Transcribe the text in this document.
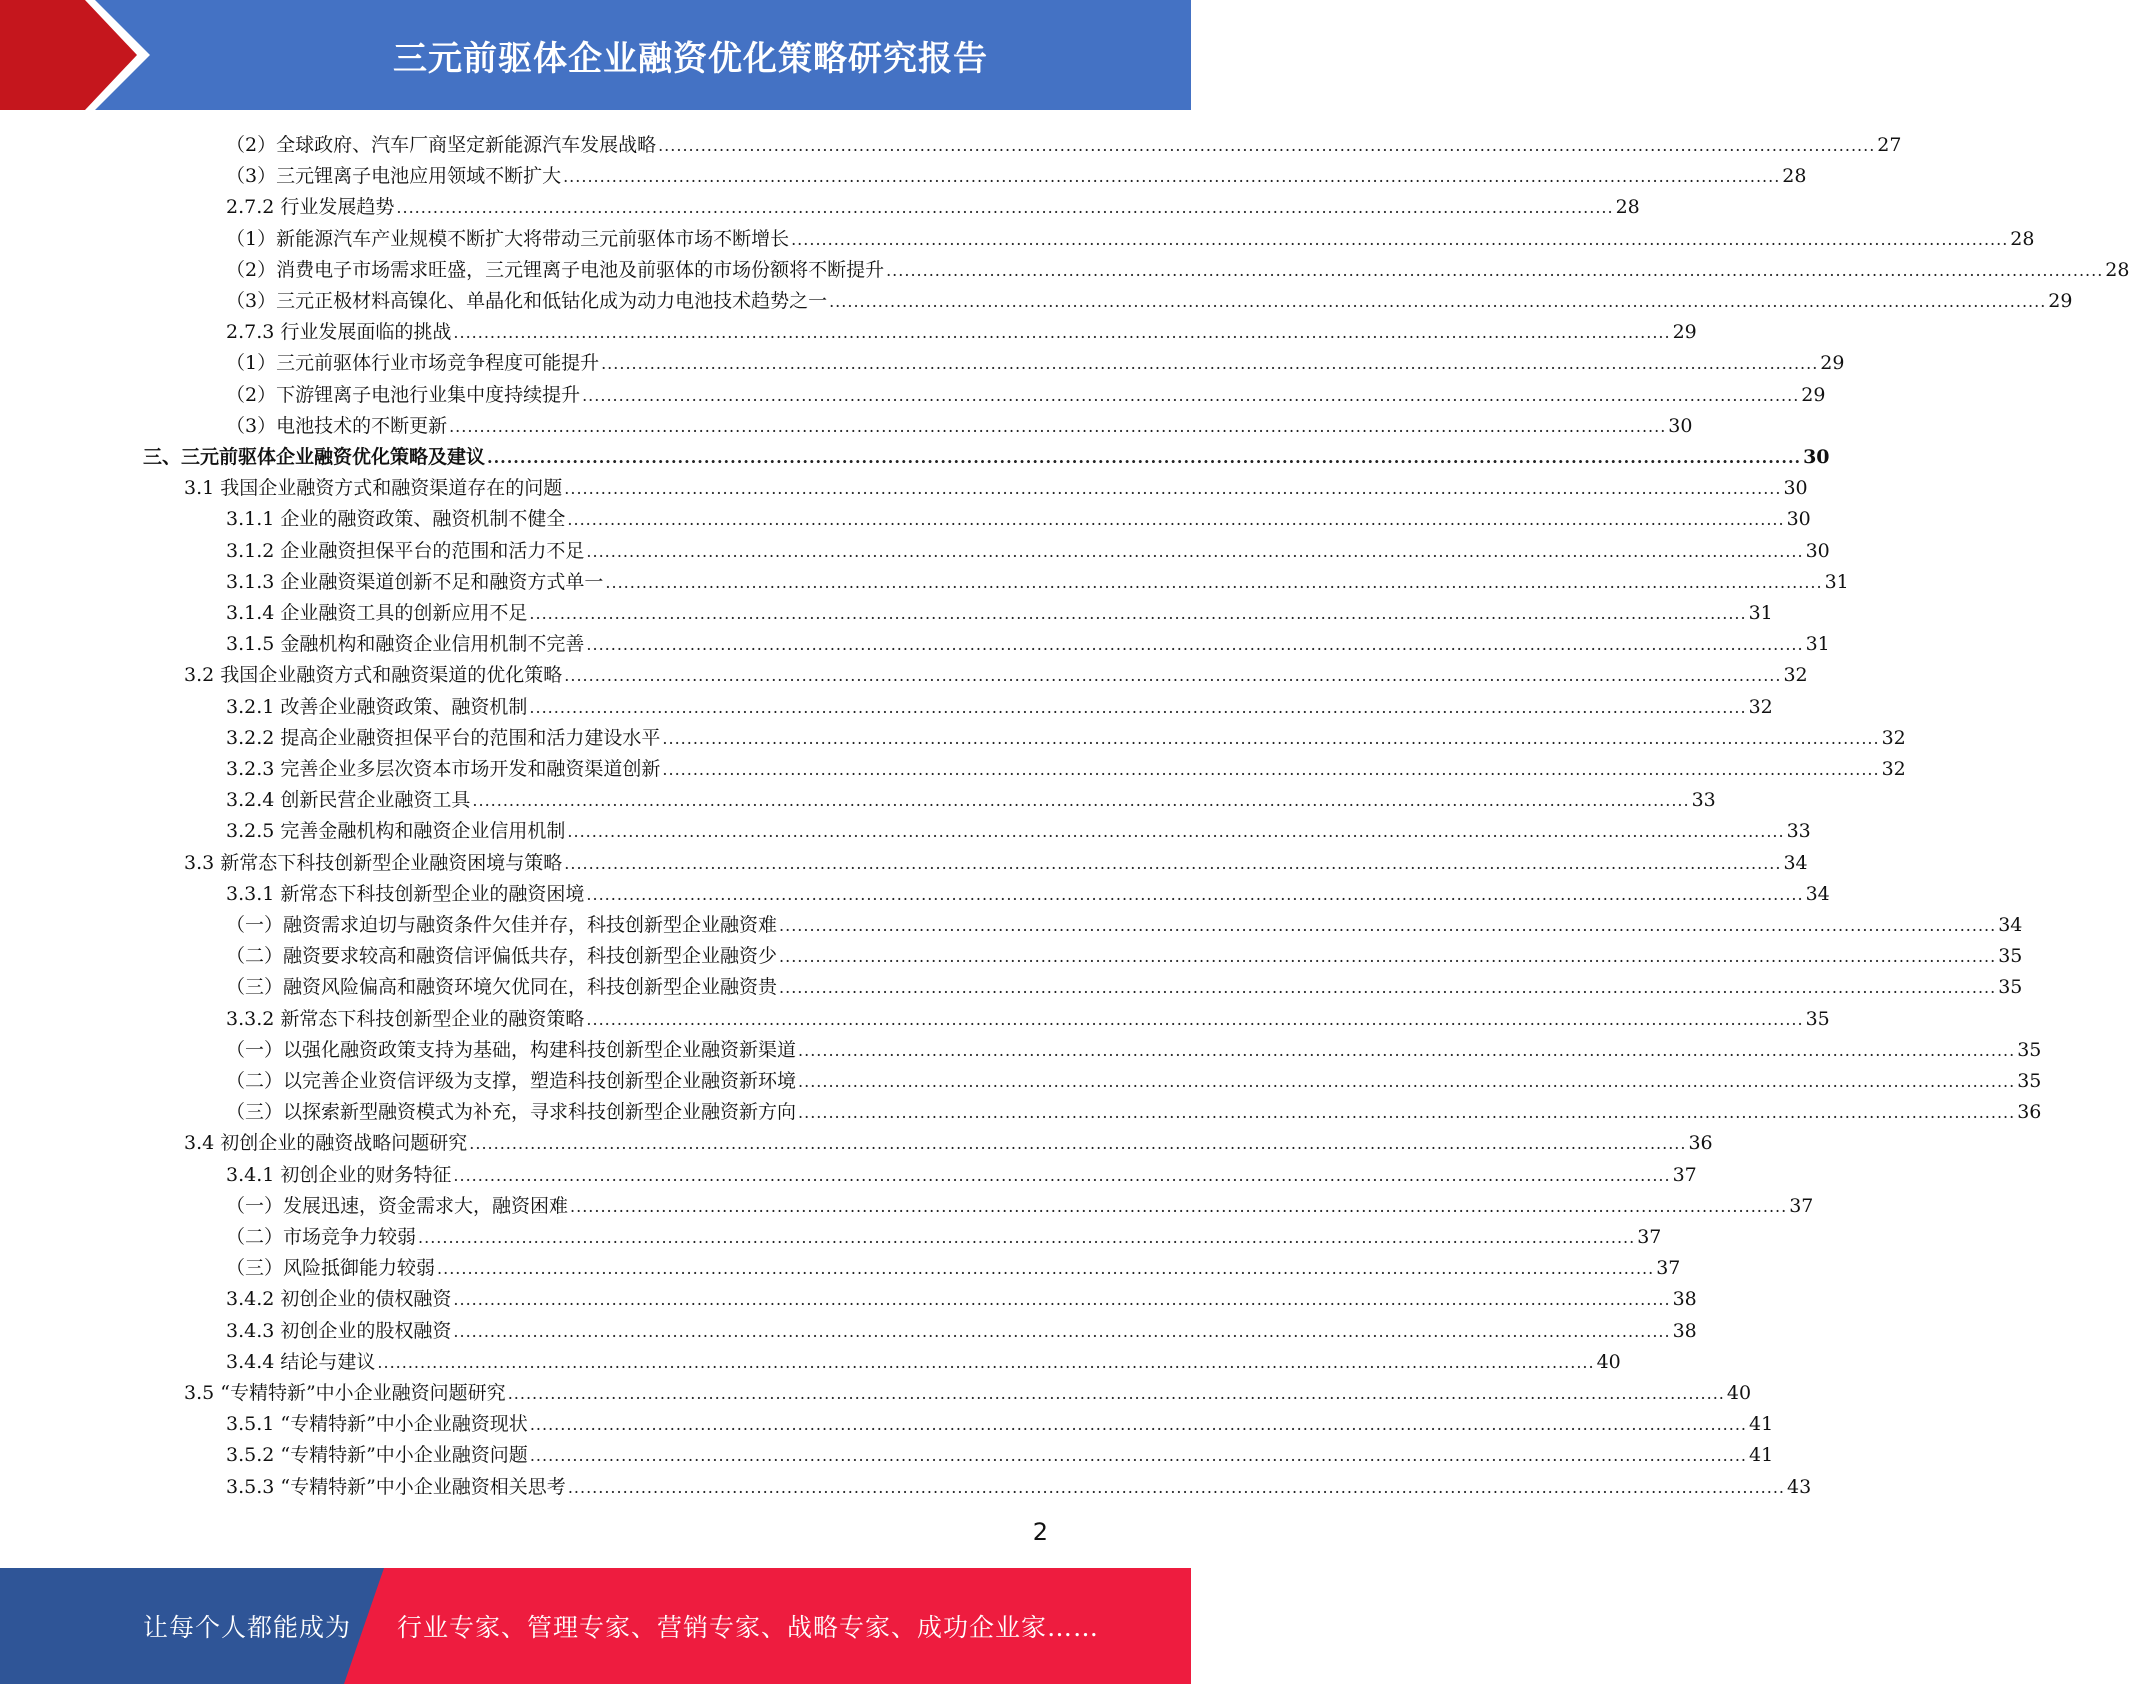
三元前驱体企业融资优化策略研究报告
（2）全球政府、汽车厂商坚定新能源汽车发展战略 ........................................................................................................................................................................................................ 27
（3）三元锂离子电池应用领域不断扩大 ........................................................................................................................................................................................................ 28
2.7.2 行业发展趋势 ........................................................................................................................................................................................................ 28
（1）新能源汽车产业规模不断扩大将带动三元前驱体市场不断增长 ........................................................................................................................................................................................................ 28
（2）消费电子市场需求旺盛，三元锂离子电池及前驱体的市场份额将不断提升 ........................................................................................................................................................................................................ 28
（3）三元正极材料高镍化、单晶化和低钴化成为动力电池技术趋势之一 ........................................................................................................................................................................................................ 29
2.7.3 行业发展面临的挑战 ........................................................................................................................................................................................................ 29
（1）三元前驱体行业市场竞争程度可能提升 ........................................................................................................................................................................................................ 29
（2）下游锂离子电池行业集中度持续提升 ........................................................................................................................................................................................................ 29
（3）电池技术的不断更新 ........................................................................................................................................................................................................ 30
三、三元前驱体企业融资优化策略及建议 ........................................................................................................................................................................................................ 30
3.1 我国企业融资方式和融资渠道存在的问题 ........................................................................................................................................................................................................ 30
3.1.1 企业的融资政策、融资机制不健全 ........................................................................................................................................................................................................ 30
3.1.2 企业融资担保平台的范围和活力不足 ........................................................................................................................................................................................................ 30
3.1.3 企业融资渠道创新不足和融资方式单一 ........................................................................................................................................................................................................ 31
3.1.4 企业融资工具的创新应用不足 ........................................................................................................................................................................................................ 31
3.1.5 金融机构和融资企业信用机制不完善 ........................................................................................................................................................................................................ 31
3.2 我国企业融资方式和融资渠道的优化策略 ........................................................................................................................................................................................................ 32
3.2.1 改善企业融资政策、融资机制 ........................................................................................................................................................................................................ 32
3.2.2 提高企业融资担保平台的范围和活力建设水平 ........................................................................................................................................................................................................ 32
3.2.3 完善企业多层次资本市场开发和融资渠道创新 ........................................................................................................................................................................................................ 32
3.2.4 创新民营企业融资工具 ........................................................................................................................................................................................................ 33
3.2.5 完善金融机构和融资企业信用机制 ........................................................................................................................................................................................................ 33
3.3 新常态下科技创新型企业融资困境与策略 ........................................................................................................................................................................................................ 34
3.3.1 新常态下科技创新型企业的融资困境 ........................................................................................................................................................................................................ 34
（一）融资需求迫切与融资条件欠佳并存，科技创新型企业融资难 ........................................................................................................................................................................................................ 34
（二）融资要求较高和融资信评偏低共存，科技创新型企业融资少 ........................................................................................................................................................................................................ 35
（三）融资风险偏高和融资环境欠优同在，科技创新型企业融资贵 ........................................................................................................................................................................................................ 35
3.3.2 新常态下科技创新型企业的融资策略 ........................................................................................................................................................................................................ 35
（一）以强化融资政策支持为基础，构建科技创新型企业融资新渠道 ........................................................................................................................................................................................................ 35
（二）以完善企业资信评级为支撑，塑造科技创新型企业融资新环境 ........................................................................................................................................................................................................ 35
（三）以探索新型融资模式为补充，寻求科技创新型企业融资新方向 ........................................................................................................................................................................................................ 36
3.4 初创企业的融资战略问题研究 ........................................................................................................................................................................................................ 36
3.4.1 初创企业的财务特征 ........................................................................................................................................................................................................ 37
（一）发展迅速，资金需求大，融资困难 ........................................................................................................................................................................................................ 37
（二）市场竞争力较弱 ........................................................................................................................................................................................................ 37
（三）风险抵御能力较弱 ........................................................................................................................................................................................................ 37
3.4.2 初创企业的债权融资 ........................................................................................................................................................................................................ 38
3.4.3 初创企业的股权融资 ........................................................................................................................................................................................................ 38
3.4.4 结论与建议 ........................................................................................................................................................................................................ 40
3.5 “专精特新”中小企业融资问题研究 ........................................................................................................................................................................................................ 40
3.5.1 “专精特新”中小企业融资现状 ........................................................................................................................................................................................................ 41
3.5.2 “专精特新”中小企业融资问题 ........................................................................................................................................................................................................ 41
3.5.3 “专精特新”中小企业融资相关思考 ........................................................................................................................................................................................................ 43
2
让每个人都能成为 行业专家、管理专家、营销专家、战略专家、成功企业家……
